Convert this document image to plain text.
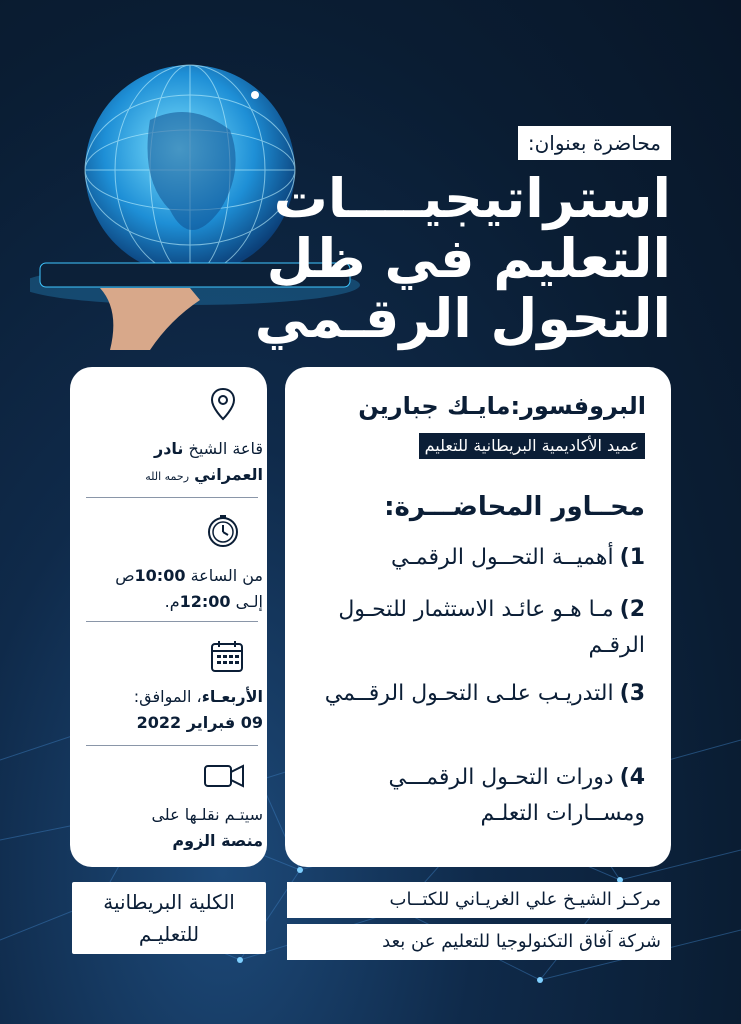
محاضرة بعنوان:
استراتيجيــــات
التعليم في ظل
التحول الرقـمي
البروفسور:مايـك جبارين
عميد الأكاديمية البريطانية للتعليم
محــاور المحاضـــرة:
1)أهميــة التحــول الرقمـي
2)مـا هـو عائـد الاستثمار للتحـول الرقـم
3)التدريـب علـى التحـول الرقــمي
4)دورات التحـول الرقمـــي ومســارات التعلـم
قاعة الشيخ نادر العمراني رحمه الله
من الساعة 10:00ص
إلـى 12:00م.
الأربعـاء، الموافق:
09 فبراير 2022
سيتـم نقلـها على
منصة الزوم
الكلية البريطانية للتعليـم
مركـز الشيـخ علي الغريـاني للكتــاب
شركة آفاق التكنولوجيا للتعليم عن بعد
